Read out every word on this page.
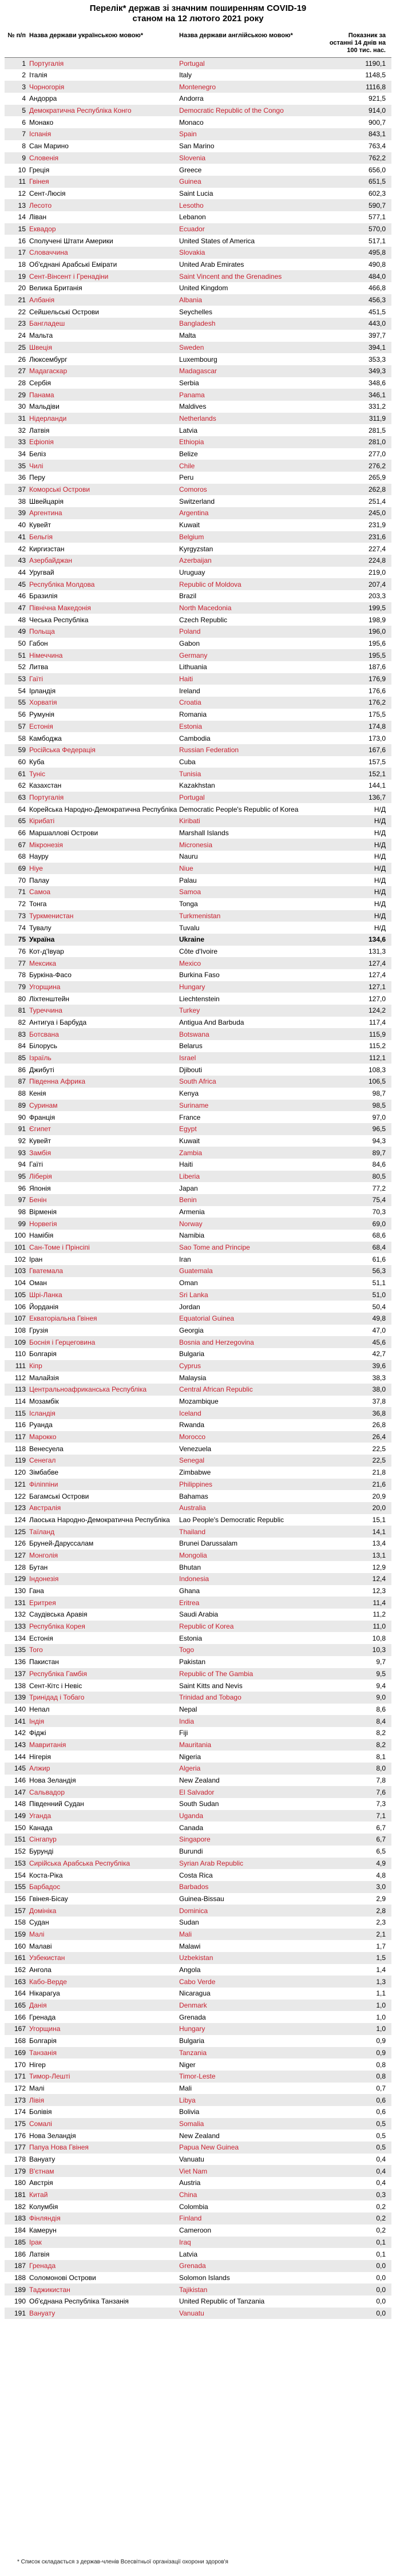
Перелік* держав зі значним поширенням COVID-19
станом на 12 лютого 2021 року
№ п/п	Назва держави українською мовою*	Назва держави англійською мовою*	Показник за останні 14 днів на 100 тис. нас.
1	Португалія	Portugal	1190,1
2	Італія	Italy	1148,5
3	Чорногорія	Montenegro	1116,8
4	Андорра	Andorra	921,5
5	Демократична Республіка Конго	Democratic Republic of the Congo	914,0
6	Монако	Monaco	900,7
7	Іспанія	Spain	843,1
8	Сан Марино	San Marino	763,4
9	Словенія	Slovenia	762,2
10	Греція	Greece	656,0
11	Гвінея	Guinea	651,5
12	Сент-Люсія	Saint Lucia	602,3
13	Лесото	Lesotho	590,7
14	Ліван	Lebanon	577,1
15	Еквадор	Ecuador	570,0
16	Сполучені Штати Америки	United States of America	517,1
17	Словаччина	Slovakia	495,8
18	Об'єднані Арабські Емірати	United Arab Emirates	490,8
19	Сент-Вінсент і Гренадіни	Saint Vincent and the Grenadines	484,0
20	Велика Британія	United Kingdom	466,8
21	Албанія	Albania	456,3
22	Сейшельські Острови	Seychelles	451,5
23	Бангладеш	Bangladesh	443,0
24	Мальта	Malta	397,7
25	Швеція	Sweden	394,1
26	Люксембург	Luxembourg	353,3
27	Мадагаскар	Madagascar	349,3
28	Сербія	Serbia	348,6
29	Панама	Panama	346,1
30	Мальдіви	Maldives	331,2
31	Нідерланди	Netherlands	311,9
32	Латвія	Latvia	281,5
33	Ефіопія	Ethiopia	281,0
34	Беліз	Belize	277,0
35	Чилі	Chile	276,2
36	Перу	Peru	265,9
37	Коморські Острови	Comoros	262,8
38	Швейцарія	Switzerland	251,4
39	Аргентина	Argentina	245,0
40	Кувейт	Kuwait	231,9
41	Бельгія	Belgium	231,6
42	Киргизстан	Kyrgyzstan	227,4
43	Азербайджан	Azerbaijan	224,8
44	Уругвай	Uruguay	219,0
45	Республіка Молдова	Republic of Moldova	207,4
46	Бразилія	Brazil	203,3
47	Північна Македонія	North Macedonia	199,5
48	Чеська Республіка	Czech Republic	198,9
49	Польща	Poland	196,0
50	Габон	Gabon	195,6
51	Німеччина	Germany	195,5
52	Литва	Lithuania	187,6
53	Гаїті	Haiti	176,9
54	Ірландія	Ireland	176,6
55	Хорватія	Croatia	176,2
56	Румунія	Romania	175,5
57	Естонія	Estonia	174,8
58	Камбоджа	Cambodia	173,0
59	Російська Федерація	Russian Federation	167,6
60	Куба	Cuba	157,5
61	Туніс	Tunisia	152,1
62	Казахстан	Kazakhstan	144,1
63	Португалія	Portugal	136,7
64	Корейська Народно-Демократична Республіка	Democratic People's Republic of Korea	Н/Д
65	Кірибаті	Kiribati	Н/Д
66	Маршаллові Острови	Marshall Islands	Н/Д
67	Мікронезія	Micronesia	Н/Д
68	Науру	Nauru	Н/Д
69	Ніуе	Niue	Н/Д
70	Палау	Palau	Н/Д
71	Самоа	Samoa	Н/Д
72	Тонга	Tonga	Н/Д
73	Туркменистан	Turkmenistan	Н/Д
74	Тувалу	Tuvalu	Н/Д
75	Україна	Ukraine	134,6
76	Кот-д'Івуар	Côte d'Ivoire	131,3
77	Мексика	Mexico	127,4
78	Буркіна-Фасо	Burkina Faso	127,4
79	Угорщина	Hungary	127,1
80	Ліхтенштейн	Liechtenstein	127,0
81	Туреччина	Turkey	124,2
82	Антигуа і Барбуда	Antigua And Barbuda	117,4
83	Ботсвана	Botswana	115,9
84	Білорусь	Belarus	115,2
85	Ізраїль	Israel	112,1
86	Джибуті	Djibouti	108,3
87	Південна Африка	South Africa	106,5
88	Кенія	Kenya	98,7
89	Суринам	Suriname	98,5
90	Франція	France	97,0
91	Єгипет	Egypt	96,5
92	Кувейт	Kuwait	94,3
93	Замбія	Zambia	89,7
94	Гаїті	Haiti	84,6
95	Ліберія	Liberia	80,5
96	Японія	Japan	77,2
97	Бенін	Benin	75,4
98	Вірменія	Armenia	70,3
99	Норвегія	Norway	69,0
100	Намібія	Namibia	68,6
101	Сан-Томе і Прінсіпі	Sao Tome and Principe	68,4
102	Іран	Iran	61,6
103	Гватемала	Guatemala	56,3
104	Оман	Oman	51,1
105	Шрі-Ланка	Sri Lanka	51,0
106	Йорданія	Jordan	50,4
107	Екваторіальна Гвінея	Equatorial Guinea	49,8
108	Грузія	Georgia	47,0
109	Боснія і Герцеговина	Bosnia and Herzegovina	45,6
110	Болгарія	Bulgaria	42,7
111	Кіпр	Cyprus	39,6
112	Малайзія	Malaysia	38,3
113	Центральноафриканська Республіка	Central African Republic	38,0
114	Мозамбік	Mozambique	37,8
115	Ісландія	Iceland	36,8
116	Руанда	Rwanda	26,8
117	Марокко	Morocco	26,4
118	Венесуела	Venezuela	22,5
119	Сенегал	Senegal	22,5
120	Зімбабве	Zimbabwe	21,8
121	Філіппіни	Philippines	21,6
122	Багамські Острови	Bahamas	20,9
123	Австралія	Australia	20,0
124	Лаоська Народно-Демократична Республіка	Lao People's Democratic Republic	15,1
125	Таїланд	Thailand	14,1
126	Бруней-Даруссалам	Brunei Darussalam	13,4
127	Монголія	Mongolia	13,1
128	Бутан	Bhutan	12,9
129	Індонезія	Indonesia	12,4
130	Гана	Ghana	12,3
131	Еритрея	Eritrea	11,4
132	Саудівська Аравія	Saudi Arabia	11,2
133	Республіка Корея	Republic of Korea	11,0
134	Естонія	Estonia	10,8
135	Того	Togo	10,3
136	Пакистан	Pakistan	9,7
137	Республіка Гамбія	Republic of The Gambia	9,5
138	Сент-Кітс і Невіс	Saint Kitts and Nevis	9,4
139	Тринідад і Тобаго	Trinidad and Tobago	9,0
140	Непал	Nepal	8,6
141	Індія	India	8,4
142	Фіджі	Fiji	8,2
143	Мавританія	Mauritania	8,2
144	Нігерія	Nigeria	8,1
145	Алжир	Algeria	8,0
146	Нова Зеландія	New Zealand	7,8
147	Сальвадор	El Salvador	7,6
148	Південний Судан	South Sudan	7,3
149	Уганда	Uganda	7,1
150	Канада	Canada	6,7
151	Сінгапур	Singapore	6,7
152	Бурунді	Burundi	6,5
153	Сирійська Арабська Республіка	Syrian Arab Republic	4,9
154	Коста-Ріка	Costa Rica	4,8
155	Барбадос	Barbados	3,0
156	Гвінея-Бісау	Guinea-Bissau	2,9
157	Домініка	Dominica	2,8
158	Судан	Sudan	2,3
159	Малі	Mali	2,1
160	Малаві	Malawi	1,7
161	Узбекистан	Uzbekistan	1,5
162	Ангола	Angola	1,4
163	Кабо-Верде	Cabo Verde	1,3
164	Нікарагуа	Nicaragua	1,1
165	Данія	Denmark	1,0
166	Гренада	Grenada	1,0
167	Угорщина	Hungary	1,0
168	Болгарія	Bulgaria	0,9
169	Танзанія	Tanzania	0,9
170	Нігер	Niger	0,8
171	Тимор-Лешті	Timor-Leste	0,8
172	Малі	Mali	0,7
173	Лівія	Libya	0,6
174	Болівія	Bolivia	0,6
175	Сомалі	Somalia	0,5
176	Нова Зеландія	New Zealand	0,5
177	Папуа Нова Гвінея	Papua New Guinea	0,5
178	Вануату	Vanuatu	0,4
179	В'єтнам	Viet Nam	0,4
180	Австрія	Austria	0,4
181	Китай	China	0,3
182	Колумбія	Colombia	0,2
183	Фінляндія	Finland	0,2
184	Камерун	Cameroon	0,2
185	Ірак	Iraq	0,1
186	Латвія	Latvia	0,1
187	Гренада	Grenada	0,0
188	Соломонові Острови	Solomon Islands	0,0
189	Таджикистан	Tajikistan	0,0
190	Об'єднана Республіка Танзанія	United Republic of Tanzania	0,0
191	Вануату	Vanuatu	0,0
* Список складається з держав-членів Всесвітньої організації охорони здоров'я
